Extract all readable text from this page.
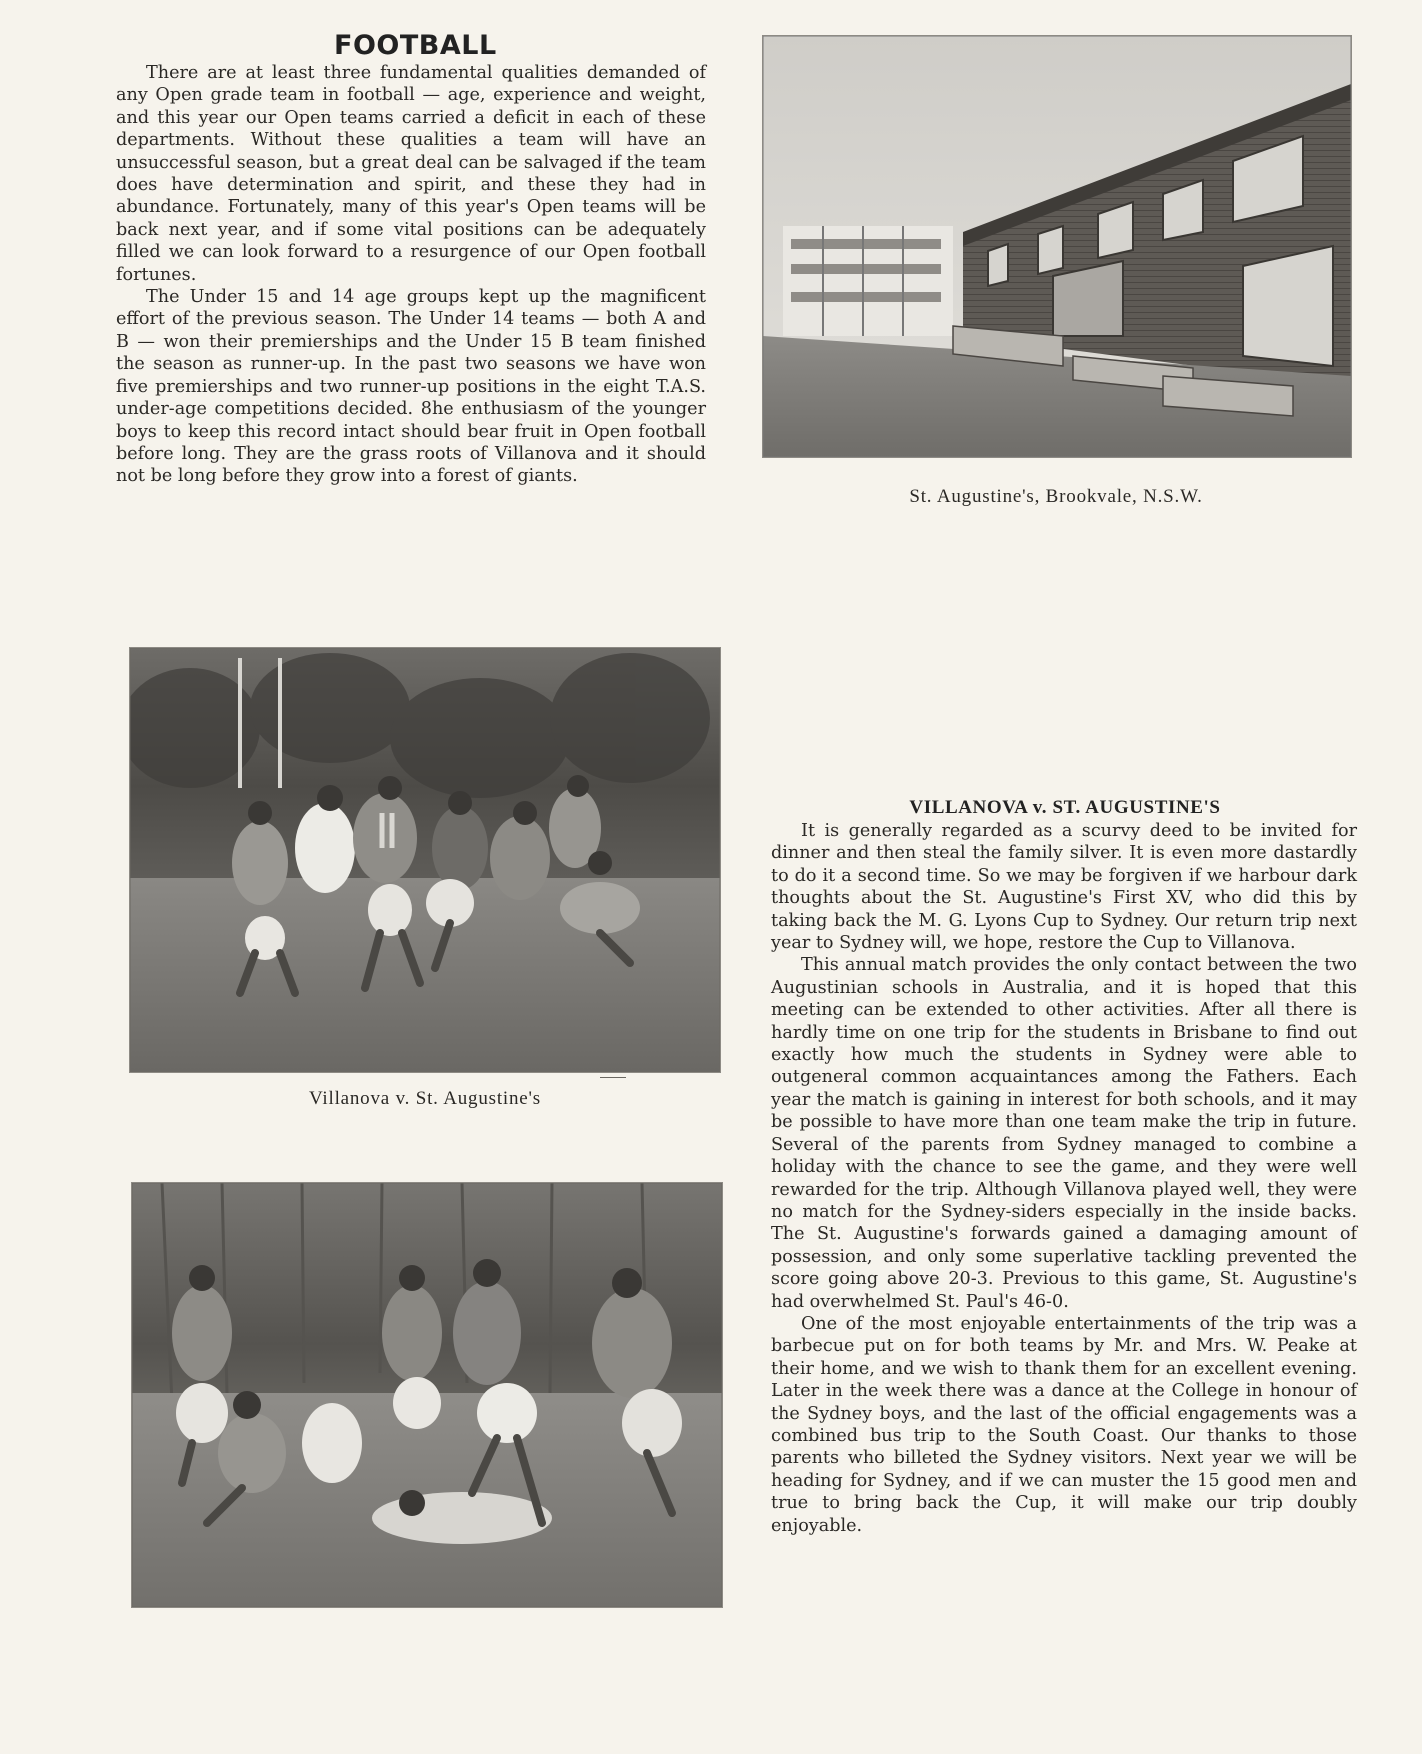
FOOTBALL

There are at least three fundamental qualities demanded of any Open grade team in football — age, experience and weight, and this year our Open teams carried a deficit in each of these departments. Without these qualities a team will have an unsuccessful season, but a great deal can be salvaged if the team does have determination and spirit, and these they had in abundance. Fortunately, many of this year's Open teams will be back next year, and if some vital positions can be adequately filled we can look forward to a resurgence of our Open football fortunes.

The Under 15 and 14 age groups kept up the magnificent effort of the previous season. The Under 14 teams — both A and B — won their premierships and the Under 15 B team finished the season as runner-up. In the past two seasons we have won five premierships and two runner-up positions in the eight T.A.S. under-age competitions decided. 8he enthusiasm of the younger boys to keep this record intact should bear fruit in Open football before long. They are the grass roots of Villanova and it should not be long before they grow into a forest of giants.

St. Augustine's, Brookvale, N.S.W.
Villanova v. St. Augustine's
VILLANOVA v. ST. AUGUSTINE'S

It is generally regarded as a scurvy deed to be invited for dinner and then steal the family silver. It is even more dastardly to do it a second time. So we may be forgiven if we harbour dark thoughts about the St. Augustine's First XV, who did this by taking back the M. G. Lyons Cup to Sydney. Our return trip next year to Sydney will, we hope, restore the Cup to Villanova.

This annual match provides the only contact between the two Augustinian schools in Australia, and it is hoped that this meeting can be extended to other activities. After all there is hardly time on one trip for the students in Brisbane to find out exactly how much the students in Sydney were able to outgeneral common acquaintances among the Fathers. Each year the match is gaining in interest for both schools, and it may be possible to have more than one team make the trip in future. Several of the parents from Sydney managed to combine a holiday with the chance to see the game, and they were well rewarded for the trip. Although Villanova played well, they were no match for the Sydney-siders especially in the inside backs. The St. Augustine's forwards gained a damaging amount of possession, and only some superlative tackling prevented the score going above 20-3. Previous to this game, St. Augustine's had overwhelmed St. Paul's 46-0.

One of the most enjoyable entertainments of the trip was a barbecue put on for both teams by Mr. and Mrs. W. Peake at their home, and we wish to thank them for an excellent evening. Later in the week there was a dance at the College in honour of the Sydney boys, and the last of the official engagements was a combined bus trip to the South Coast. Our thanks to those parents who billeted the Sydney visitors. Next year we will be heading for Sydney, and if we can muster the 15 good men and true to bring back the Cup, it will make our trip doubly enjoyable.
